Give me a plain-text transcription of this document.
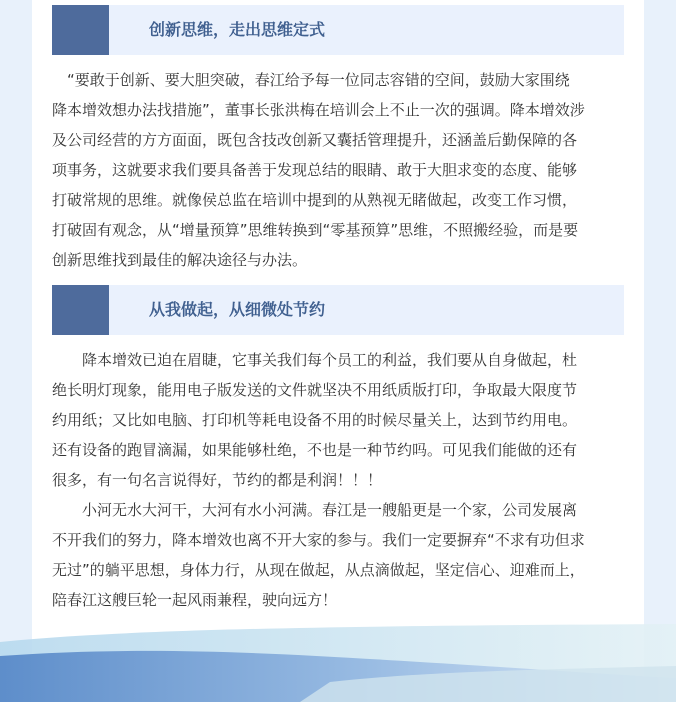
创新思维，走出思维定式
　“要敢于创新、要大胆突破，春江给予每一位同志容错的空间，鼓励大家围绕
降本增效想办法找措施”，董事长张洪梅在培训会上不止一次的强调。降本增效涉
及公司经营的方方面面，既包含技改创新又囊括管理提升，还涵盖后勤保障的各
项事务，这就要求我们要具备善于发现总结的眼睛、敢于大胆求变的态度、能够
打破常规的思维。就像侯总监在培训中提到的从熟视无睹做起，改变工作习惯，
打破固有观念，从“增量预算”思维转换到“零基预算”思维，不照搬经验，而是要
创新思维找到最佳的解决途径与办法。
从我做起，从细微处节约
　　降本增效已迫在眉睫，它事关我们每个员工的利益，我们要从自身做起，杜
绝长明灯现象，能用电子版发送的文件就坚决不用纸质版打印，争取最大限度节
约用纸；又比如电脑、打印机等耗电设备不用的时候尽量关上，达到节约用电。
还有设备的跑冒滴漏，如果能够杜绝，不也是一种节约吗。可见我们能做的还有
很多，有一句名言说得好，节约的都是利润！！！
　　小河无水大河干，大河有水小河满。春江是一艘船更是一个家，公司发展离
不开我们的努力，降本增效也离不开大家的参与。我们一定要摒弃“不求有功但求
无过”的躺平思想，身体力行，从现在做起，从点滴做起，坚定信心、迎难而上，
陪春江这艘巨轮一起风雨兼程，驶向远方！
